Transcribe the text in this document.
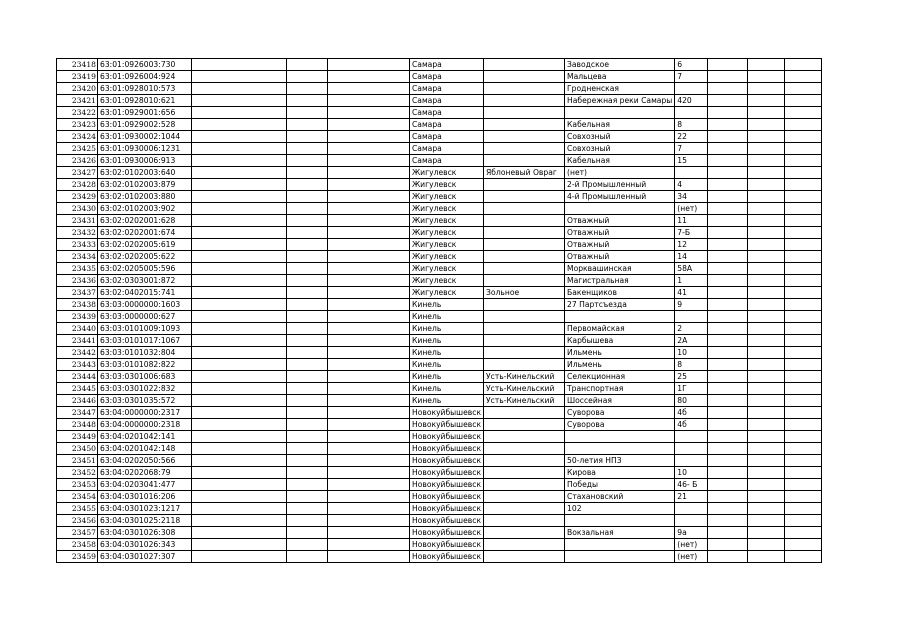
23418	63:01:0926003:730				Самара		Заводское	6			
23419	63:01:0926004:924				Самара		Мальцева	7			
23420	63:01:0928010:573				Самара		Гродненская				
23421	63:01:0928010:621				Самара		Набережная реки Самары	420			
23422	63:01:0929001:656				Самара						
23423	63:01:0929002:528				Самара		Кабельная	8			
23424	63:01:0930002:1044				Самара		Совхозный	22			
23425	63:01:0930006:1231				Самара		Совхозный	7			
23426	63:01:0930006:913				Самара		Кабельная	15			
23427	63:02:0102003:640				Жигулевск	Яблоневый Овраг	(нет)				
23428	63:02:0102003:879				Жигулевск		2-й Промышленный	4			
23429	63:02:0102003:880				Жигулевск		4-й Промышленный	34			
23430	63:02:0102003:902				Жигулевск			(нет)			
23431	63:02:0202001:628				Жигулевск		Отважный	11			
23432	63:02:0202001:674				Жигулевск		Отважный	7-Б			
23433	63:02:0202005:619				Жигулевск		Отважный	12			
23434	63:02:0202005:622				Жигулевск		Отважный	14			
23435	63:02:0205005:596				Жигулевск		Морквашинская	58А			
23436	63:02:0303001:872				Жигулевск		Магистральная	1			
23437	63:02:0402015:741				Жигулевск	Зольное	Бакенщиков	41			
23438	63:03:0000000:1603				Кинель		27 Партсъезда	9			
23439	63:03:0000000:627				Кинель						
23440	63:03:0101009:1093				Кинель		Первомайская	2			
23441	63:03:0101017:1067				Кинель		Карбышева	2А			
23442	63:03:0101032:804				Кинель		Ильмень	10			
23443	63:03:0101082:822				Кинель		Ильмень	8			
23444	63:03:0301006:683				Кинель	Усть-Кинельский	Селекционная	25			
23445	63:03:0301022:832				Кинель	Усть-Кинельский	Транспортная	1Г			
23446	63:03:0301035:572				Кинель	Усть-Кинельский	Шоссейная	80			
23447	63:04:0000000:2317				Новокуйбышевск		Суворова	4б			
23448	63:04:0000000:2318				Новокуйбышевск		Суворова	4б			
23449	63:04:0201042:141				Новокуйбышевск						
23450	63:04:0201042:148				Новокуйбышевск						
23451	63:04:0202050:566				Новокуйбышевск		50-летия НПЗ				
23452	63:04:0202068:79				Новокуйбышевск		Кирова	10			
23453	63:04:0203041:477				Новокуйбышевск		Победы	46- Б			
23454	63:04:0301016:206				Новокуйбышевск		Стахановский	21			
23455	63:04:0301023:1217				Новокуйбышевск		102				
23456	63:04:0301025:2118				Новокуйбышевск						
23457	63:04:0301026:308				Новокуйбышевск		Вокзальная	9а			
23458	63:04:0301026:343				Новокуйбышевск			(нет)			
23459	63:04:0301027:307				Новокуйбышевск			(нет)			
